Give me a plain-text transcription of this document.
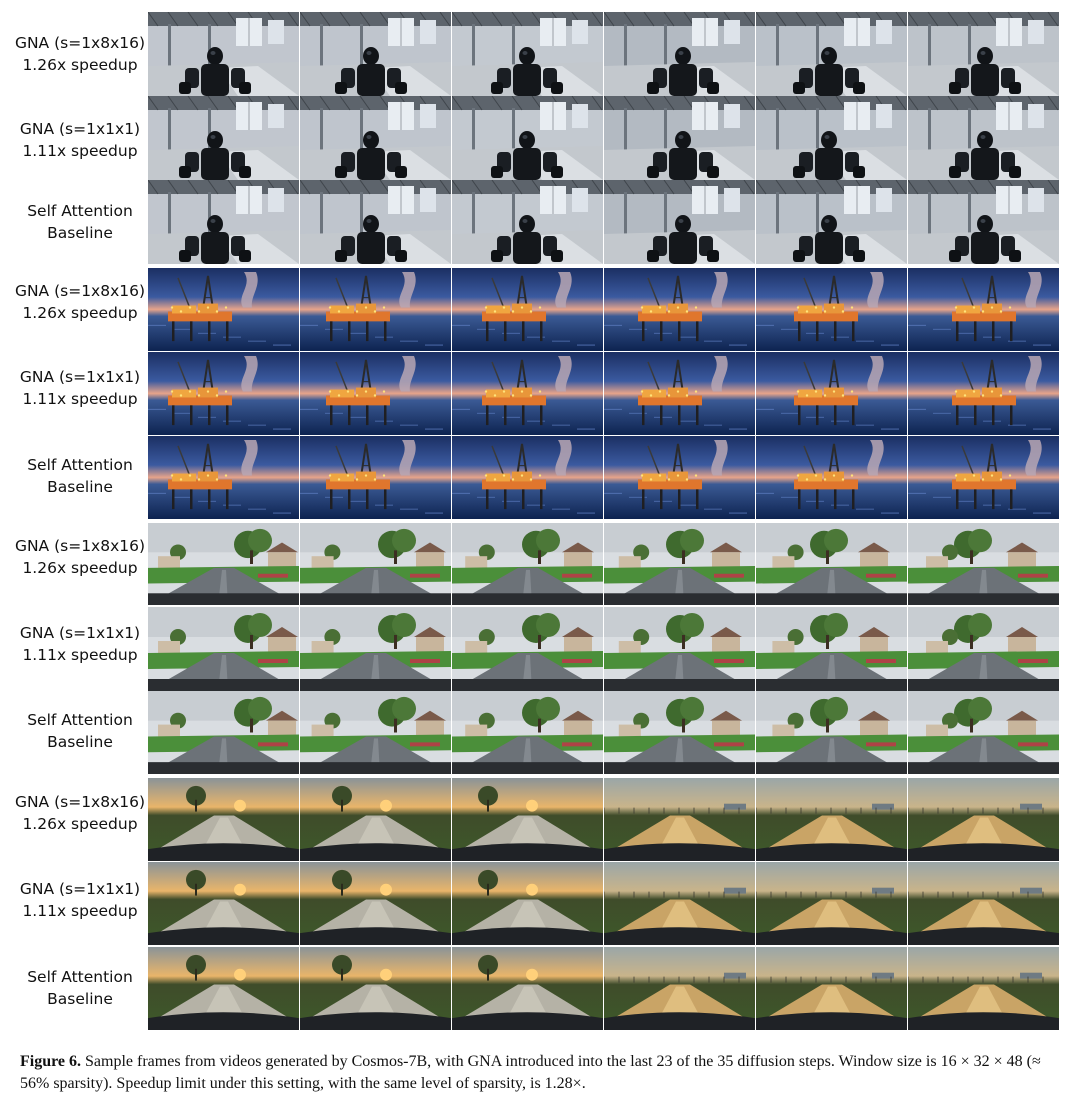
GNA (s=1x8x16)
1.26x speedup
GNA (s=1x1x1)
1.11x speedup
Self Attention
Baseline
GNA (s=1x8x16)
1.26x speedup
GNA (s=1x1x1)
1.11x speedup
Self Attention
Baseline
GNA (s=1x8x16)
1.26x speedup
GNA (s=1x1x1)
1.11x speedup
Self Attention
Baseline
GNA (s=1x8x16)
1.26x speedup
GNA (s=1x1x1)
1.11x speedup
Self Attention
Baseline
Figure 6. Sample frames from videos generated by Cosmos-7B, with GNA introduced into the last 23 of the 35 diffusion steps. Window size is 16 × 32 × 48 (≈ 56% sparsity). Speedup limit under this setting, with the same level of sparsity, is 1.28×.
